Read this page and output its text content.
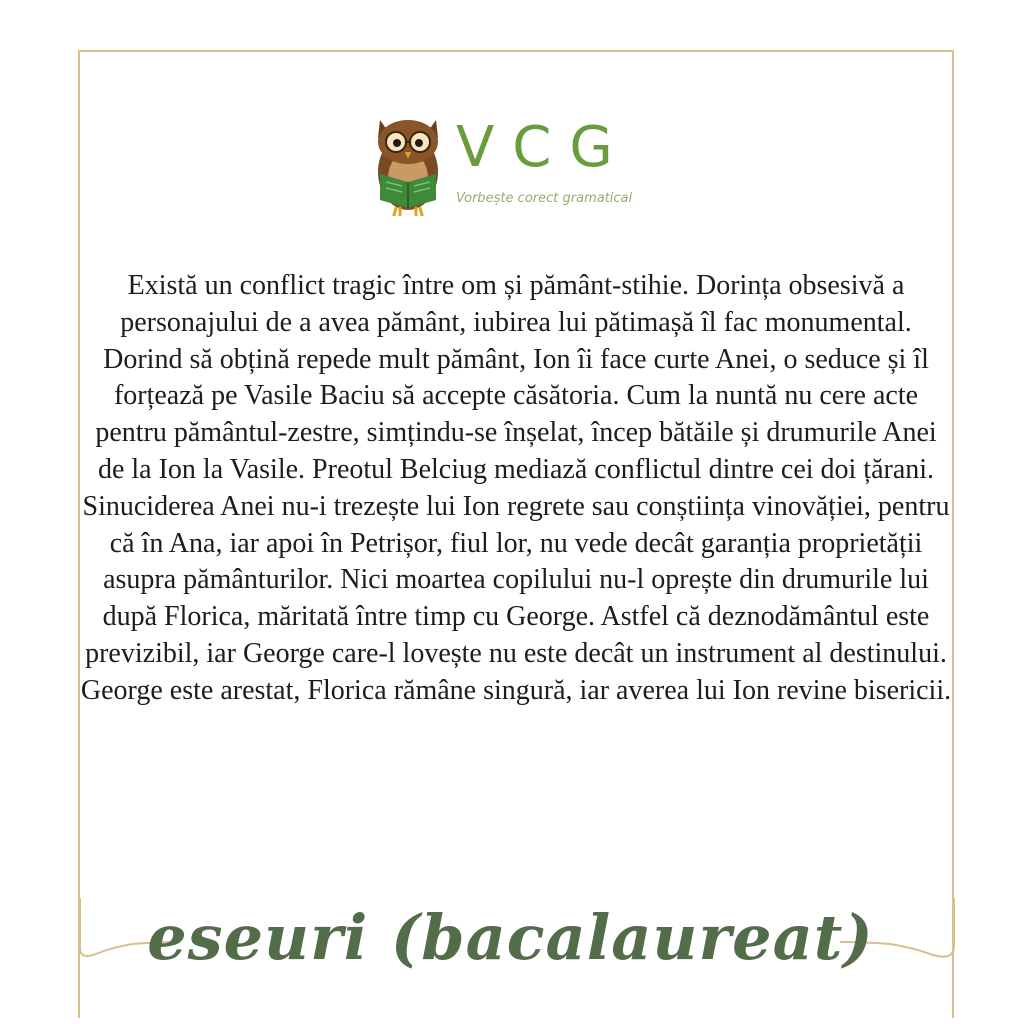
VCG
Vorbește corect gramatical

Există un conflict tragic între om și pământ-stihie. Dorința obsesivă a personajului de a avea pământ, iubirea lui pătimașă îl fac monumental.

Dorind să obțină repede mult pământ, Ion îi face curte Anei, o seduce și îl forțează pe Vasile Baciu să accepte căsătoria. Cum la nuntă nu cere acte pentru pământul-zestre, simțindu-se înșelat, încep bătăile și drumurile Anei de la Ion la Vasile. Preotul Belciug mediază conflictul dintre cei doi țărani. Sinuciderea Anei nu-i trezește lui Ion regrete sau conștiința vinovăției, pentru că în Ana, iar apoi în Petrișor, fiul lor, nu vede decât garanția proprietății asupra pământurilor. Nici moartea copilului nu-l oprește din drumurile lui după Florica, măritată între timp cu George. Astfel că deznodământul este previzibil, iar George care-l lovește nu este decât un instrument al destinului. George este arestat, Florica rămâne singură, iar averea lui Ion revine bisericii.

eseuri (bacalaureat)
